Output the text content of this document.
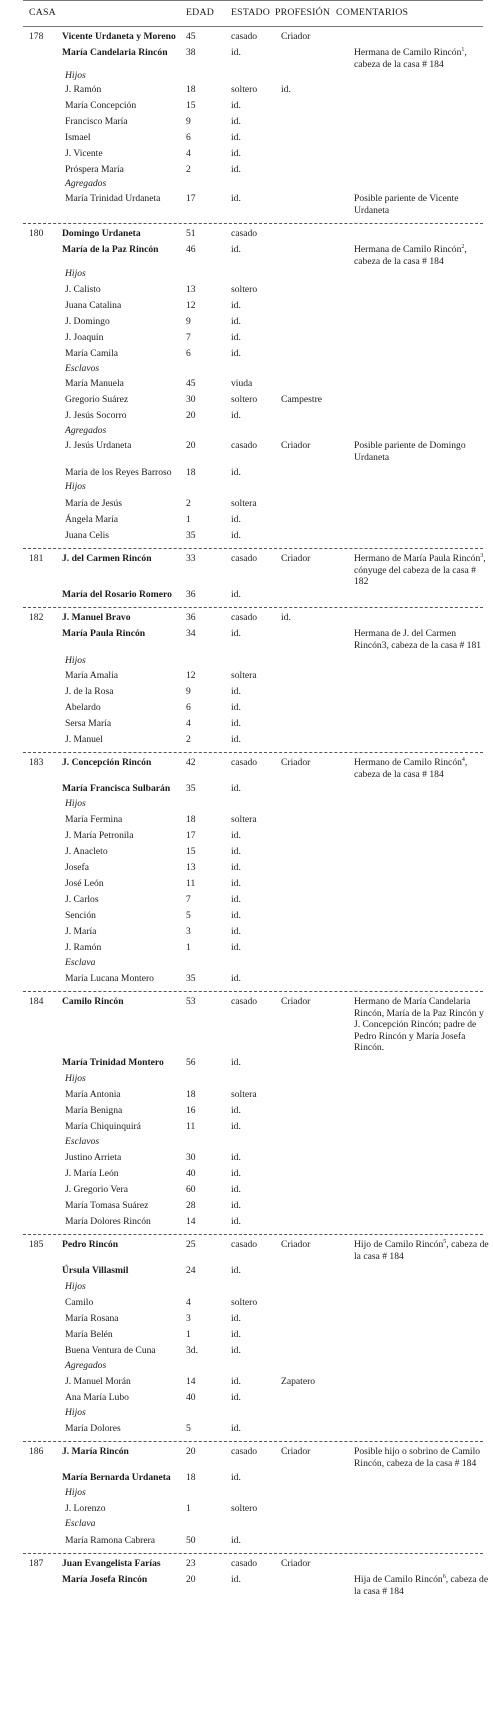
CASA	EDAD ESTADO PROFESIÓN COMENTARIOS
178 Vicente Urdaneta y Moreno 45	casado Criador
María Candelaria Rincón 38	id.	Hermana de Camilo Rincón$^1$, cabeza de la casa # 184
Hijos
J. Ramón	18	soltero id.
María Concepción	15	id.
Francisco María	9	id.
Ismael	6	id.
J. Vicente	4	id.
Próspera María	2	id.
Agregados
María Trinidad Urdaneta	17	id.	Posible pariente de Vicente Urdaneta
180 Domingo Urdaneta	51	casado
María de la Paz Rincón	46	id.	Hermana de Camilo Rincón$^2$, cabeza de la casa # 184
Hijos
J. Calisto	13	soltero
Juana Catalina	12	id.
J. Domingo	9	id.
J. Joaquín	7	id.
María Camila	6	id.
Esclavos
María Manuela	45	viuda
Gregorio Suárez	30	soltero Campestre
J. Jesús Socorro	20	id.
Agregados
J. Jesús Urdaneta	20	casado Criador	Posible pariente de Domingo Urdaneta
María de los Reyes Barroso 18	id.
Hijos
María de Jesús	2	soltera
Ángela María	1	id.
Juana Celis	35	id.
181 J. del Carmen Rincón	33	casado Criador	Hermano de María Paula Rincón$^3$, cónyuge del cabeza de la casa # 182
María del Rosario Romero 36	id.
182 J. Manuel Bravo	36	casado id.
María Paula Rincón	34	id.	Hermana de J. del Carmen Rincón3, cabeza de la casa # 181
Hijos
María Amalia	12	soltera
J. de la Rosa	9	id.
Abelardo	6	id.
Sersa María	4	id.
J. Manuel	2	id.
183 J. Concepción Rincón	42	casado Criador	Hermano de Camilo Rincón$^4$, cabeza de la casa # 184
María Francisca Sulbarán 35	id.
Hijos
María Fermina	18	soltera
J. María Petronila	17	id.
J. Anacleto	15	id.
Josefa	13	id.
José León	11	id.
J. Carlos	7	id.
Sención	5	id.
J. María	3	id.
J. Ramón	1	id.
Esclava
María Lucana Montero	35	id.
184 Camilo Rincón	53	casado Criador	Hermano de María Candelaria Rincón, María de la Paz Rincón y J. Concepción Rincón; padre de Pedro Rincón y María Josefa Rincón.
María Trinidad Montero 56	id.
Hijos
María Antonia	18	soltera
María Benigna	16	id.
María Chiquinquirá	11	id.
Esclavos
Justino Arrieta	30	id.
J. María León	40	id.
J. Gregorio Vera	60	id.
María Tomasa Suárez	28	id.
María Dolores Rincón	14	id.
185 Pedro Rincón	25	casado Criador	Hijo de Camilo Rincón$^5$, cabeza de la casa # 184
Úrsula Villasmil	24	id.
Hijos
Camilo	4	soltero
María Rosana	3	id.
María Belén	1	id.
Buena Ventura de Cuna	3d.	id.
Agregados
J. Manuel Morán	14	id.	Zapatero
Ana María Lubo	40	id.
Hijos
María Dolores	5	id.
186 J. María Rincón	20	casado Criador	Posible hijo o sobrino de Camilo Rincón, cabeza de la casa # 184
María Bernarda Urdaneta 18	id.
Hijos
J. Lorenzo	1	soltero
Esclava
María Ramona Cabrera	50	id.
187 Juan Evangelista Farías	23	casado Criador
María Josefa Rincón	20	id.	Hija de Camilo Rincón$^6$, cabeza de la casa # 184
